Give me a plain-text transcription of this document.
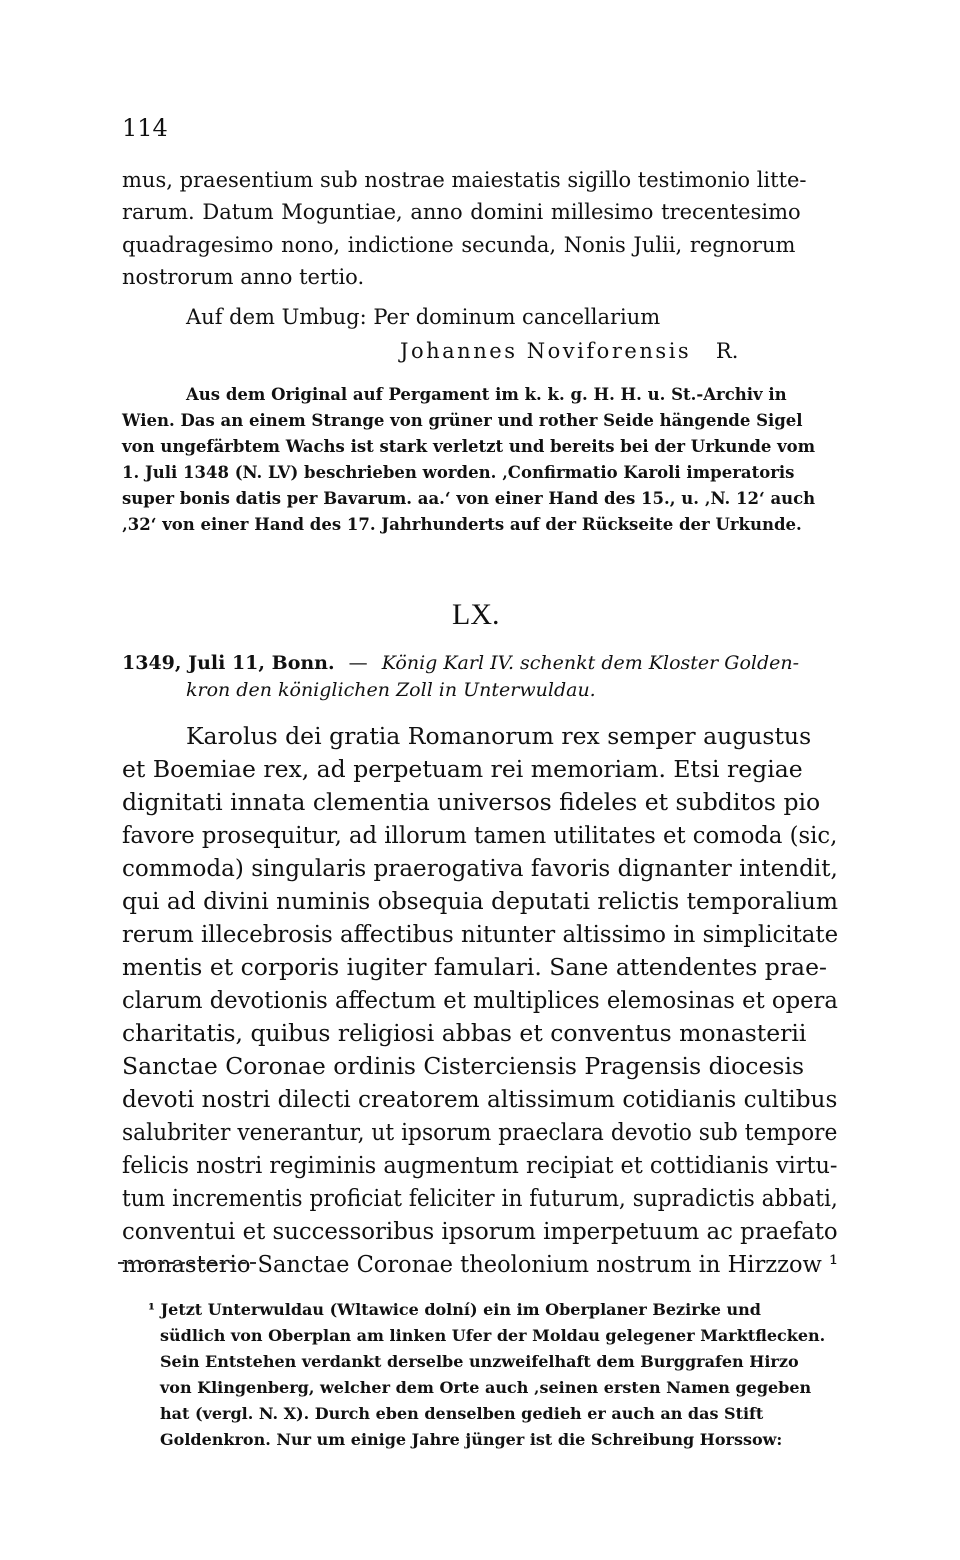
114
mus, praesentium sub nostrae maiestatis sigillo testimonio litte-
rarum. Datum Moguntiae, anno domini millesimo trecentesimo
quadragesimo nono, indictione secunda, Nonis Julii, regnorum
nostrorum anno tertio.
Auf dem Umbug: Per dominum cancellarium
Johannes Noviforensis R.
Aus dem Original auf Pergament im k. k. g. H. H. u. St.-Archiv in
Wien. Das an einem Strange von grüner und rother Seide hängende Sigel
von ungefärbtem Wachs ist stark verletzt und bereits bei der Urkunde vom
1. Juli 1348 (N. LV) beschrieben worden. ‚Confirmatio Karoli imperatoris
super bonis datis per Bavarum. aa.‘ von einer Hand des 15., u. ‚N. 12‘ auch
‚32‘ von einer Hand des 17. Jahrhunderts auf der Rückseite der Urkunde.
LX.
1349, Juli 11, Bonn. — König Karl IV. schenkt dem Kloster Golden-
kron den königlichen Zoll in Unterwuldau.
Karolus dei gratia Romanorum rex semper augustus
et Boemiae rex, ad perpetuam rei memoriam. Etsi regiae
dignitati innata clementia universos fideles et subditos pio
favore prosequitur, ad illorum tamen utilitates et comoda (sic,
commoda) singularis praerogativa favoris dignanter intendit,
qui ad divini numinis obsequia deputati relictis temporalium
rerum illecebrosis affectibus nitunter altissimo in simplicitate
mentis et corporis iugiter famulari. Sane attendentes prae-
clarum devotionis affectum et multiplices elemosinas et opera
charitatis, quibus religiosi abbas et conventus monasterii
Sanctae Coronae ordinis Cisterciensis Pragensis diocesis
devoti nostri dilecti creatorem altissimum cotidianis cultibus
salubriter venerantur, ut ipsorum praeclara devotio sub tempore
felicis nostri regiminis augmentum recipiat et cottidianis virtu-
tum incrementis proficiat feliciter in futurum, supradictis abbati,
conventui et successoribus ipsorum imperpetuum ac praefato
monasterio Sanctae Coronae theolonium nostrum in Hirzzow ¹
¹ Jetzt Unterwuldau (Wltawice dolní) ein im Oberplaner Bezirke und
südlich von Oberplan am linken Ufer der Moldau gelegener Marktflecken.
Sein Entstehen verdankt derselbe unzweifelhaft dem Burggrafen Hirzo
von Klingenberg, welcher dem Orte auch ‚seinen ersten Namen gegeben
hat (vergl. N. X). Durch eben denselben gedieh er auch an das Stift
Goldenkron. Nur um einige Jahre jünger ist die Schreibung Horssow:
